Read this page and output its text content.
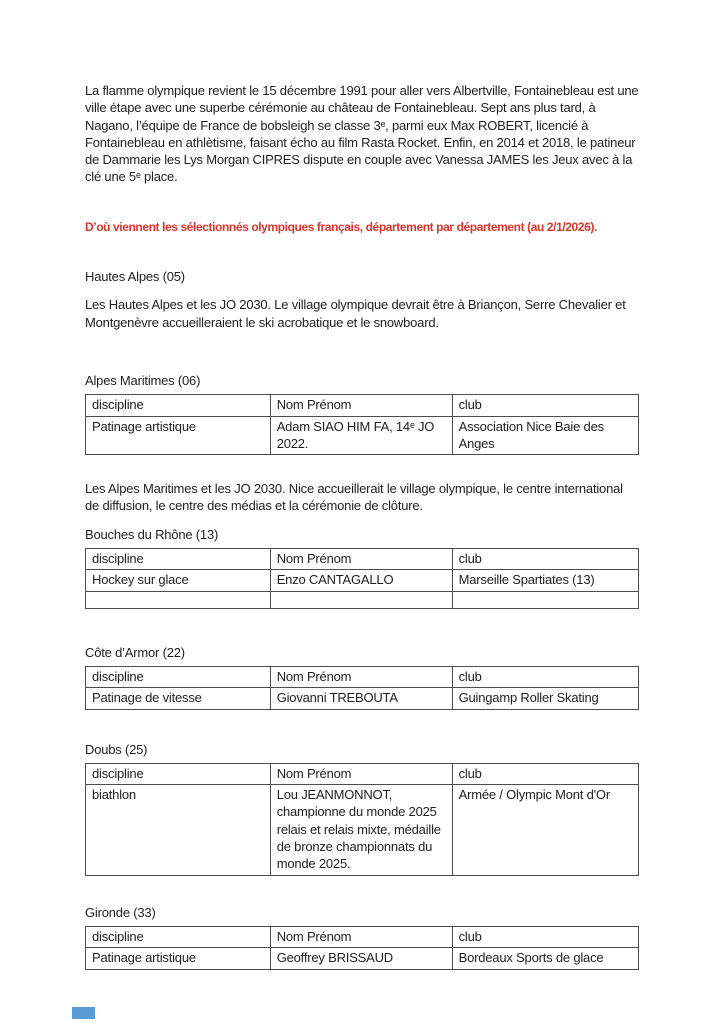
La flamme olympique revient le 15 décembre 1991 pour aller vers Albertville, Fontainebleau est une ville étape avec une superbe cérémonie au château de Fontainebleau. Sept ans plus tard, à Nagano, l’équipe de France de bobsleigh se classe 3ᵉ, parmi eux Max ROBERT, licencié à Fontainebleau en athlètisme, faisant écho au film Rasta Rocket. Enfin, en 2014 et 2018, le patineur de Dammarie les Lys Morgan CIPRES dispute en couple avec Vanessa JAMES les Jeux avec à la clé une 5ᵉ place.

D’où viennent les sélectionnés olympiques français, département par département (au 2/1/2026).

Hautes Alpes (05)

Les Hautes Alpes et les JO 2030. Le village olympique devrait être à Briançon, Serre Chevalier et Montgenèvre accueilleraient le ski acrobatique et le snowboard.

Alpes Maritimes (06)

discipline	Nom Prénom	club
Patinage artistique	Adam SIAO HIM FA, 14ᵉ JO 2022.	Association Nice Baie des Anges

Les Alpes Maritimes et les JO 2030. Nice accueillerait le village olympique, le centre international de diffusion, le centre des médias et la cérémonie de clôture.

Bouches du Rhône (13)

discipline	Nom Prénom	club
Hockey sur glace	Enzo CANTAGALLO	Marseille Spartiates (13)

Côte d’Armor (22)

discipline	Nom Prénom	club
Patinage de vitesse	Giovanni TREBOUTA	Guingamp Roller Skating

Doubs (25)

discipline	Nom Prénom	club
biathlon	Lou JEANMONNOT, championne du monde 2025 relais et relais mixte, médaille de bronze championnats du monde 2025.	Armée / Olympic Mont d'Or

Gironde (33)

discipline	Nom Prénom	club
Patinage artistique	Geoffrey BRISSAUD	Bordeaux Sports de glace
